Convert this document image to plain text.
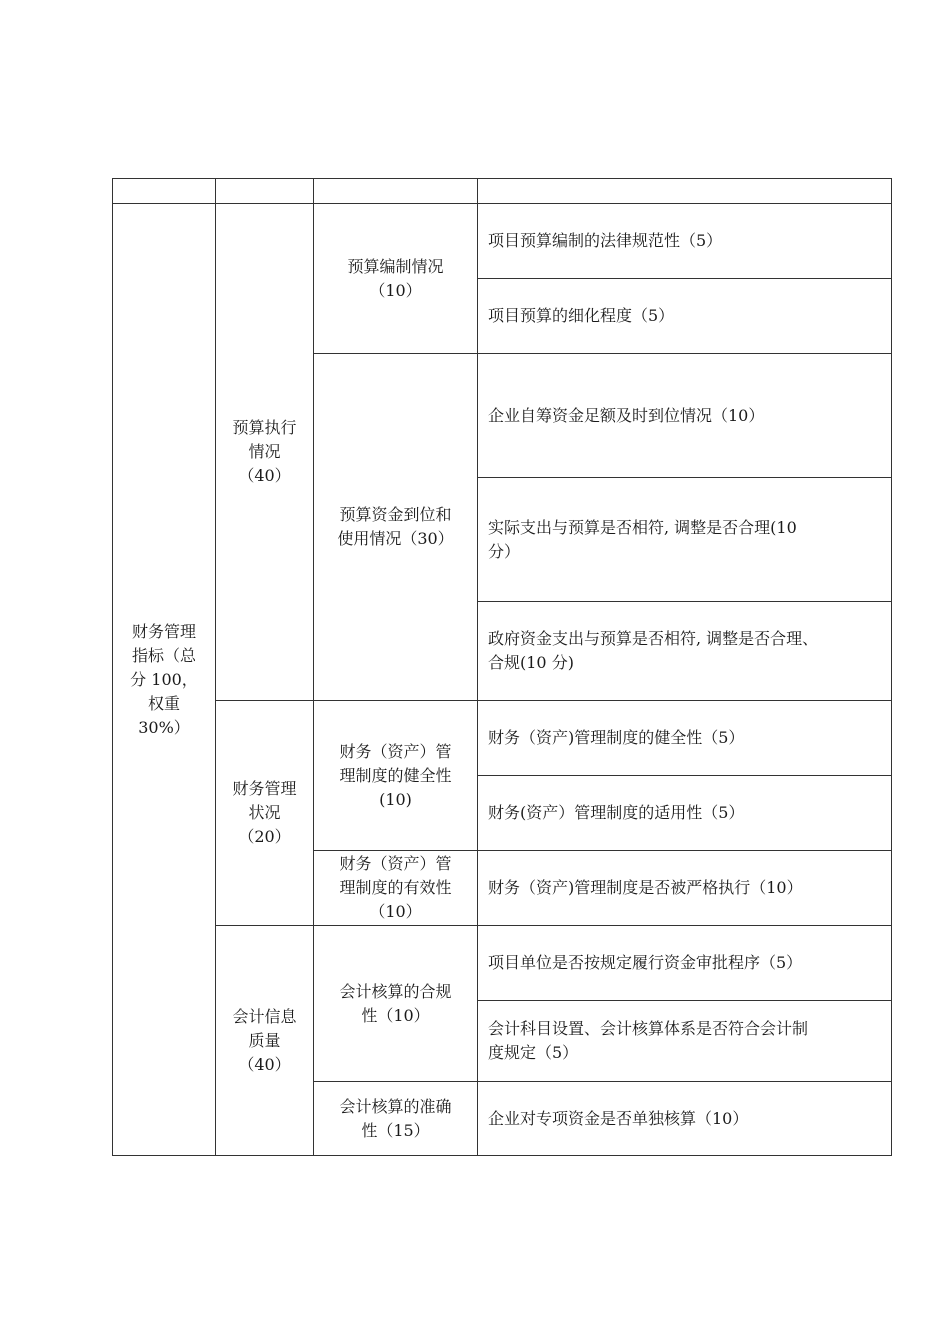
财务管理
指标（总
分 100，
权重
30%）	预算执行
情况
（40）	预算编制情况
（10）	项目预算编制的法律规范性（5）
			项目预算的细化程度（5）
		预算资金到位和
使用情况（30）	企业自筹资金足额及时到位情况（10）
			实际支出与预算是否相符, 调整是否合理(10
分）
			政府资金支出与预算是否相符, 调整是否合理、
合规(10 分)
	财务管理
状况
（20）	财务（资产）管
理制度的健全性
(10)	财务（资产)管理制度的健全性（5）
			财务(资产）管理制度的适用性（5）
		财务（资产）管
理制度的有效性
（10）	财务（资产)管理制度是否被严格执行（10）
	会计信息
质量
（40）	会计核算的合规
性（10）	项目单位是否按规定履行资金审批程序（5）
			会计科目设置、会计核算体系是否符合会计制
度规定（5）
		会计核算的准确
性（15）	企业对专项资金是否单独核算（10）
